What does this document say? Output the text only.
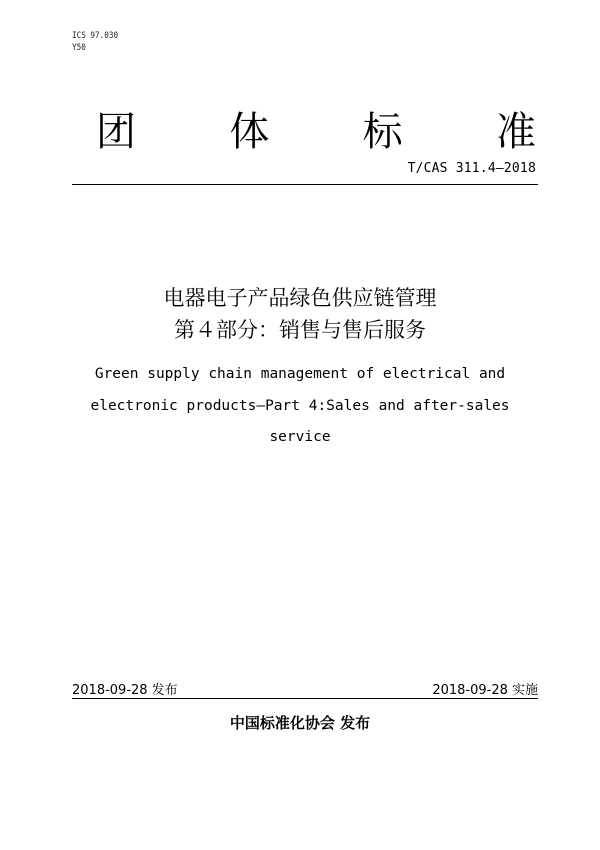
ICS 97.030
Y50
团 体 标 准
T/CAS 311.4—2018
电器电子产品绿色供应链管理
第４部分：销售与售后服务
Green supply chain management of electrical and
electronic products—Part 4:Sales and after-sales
service
2018-09-28 发布	2018-09-28 实施
中国标准化协会 发布
